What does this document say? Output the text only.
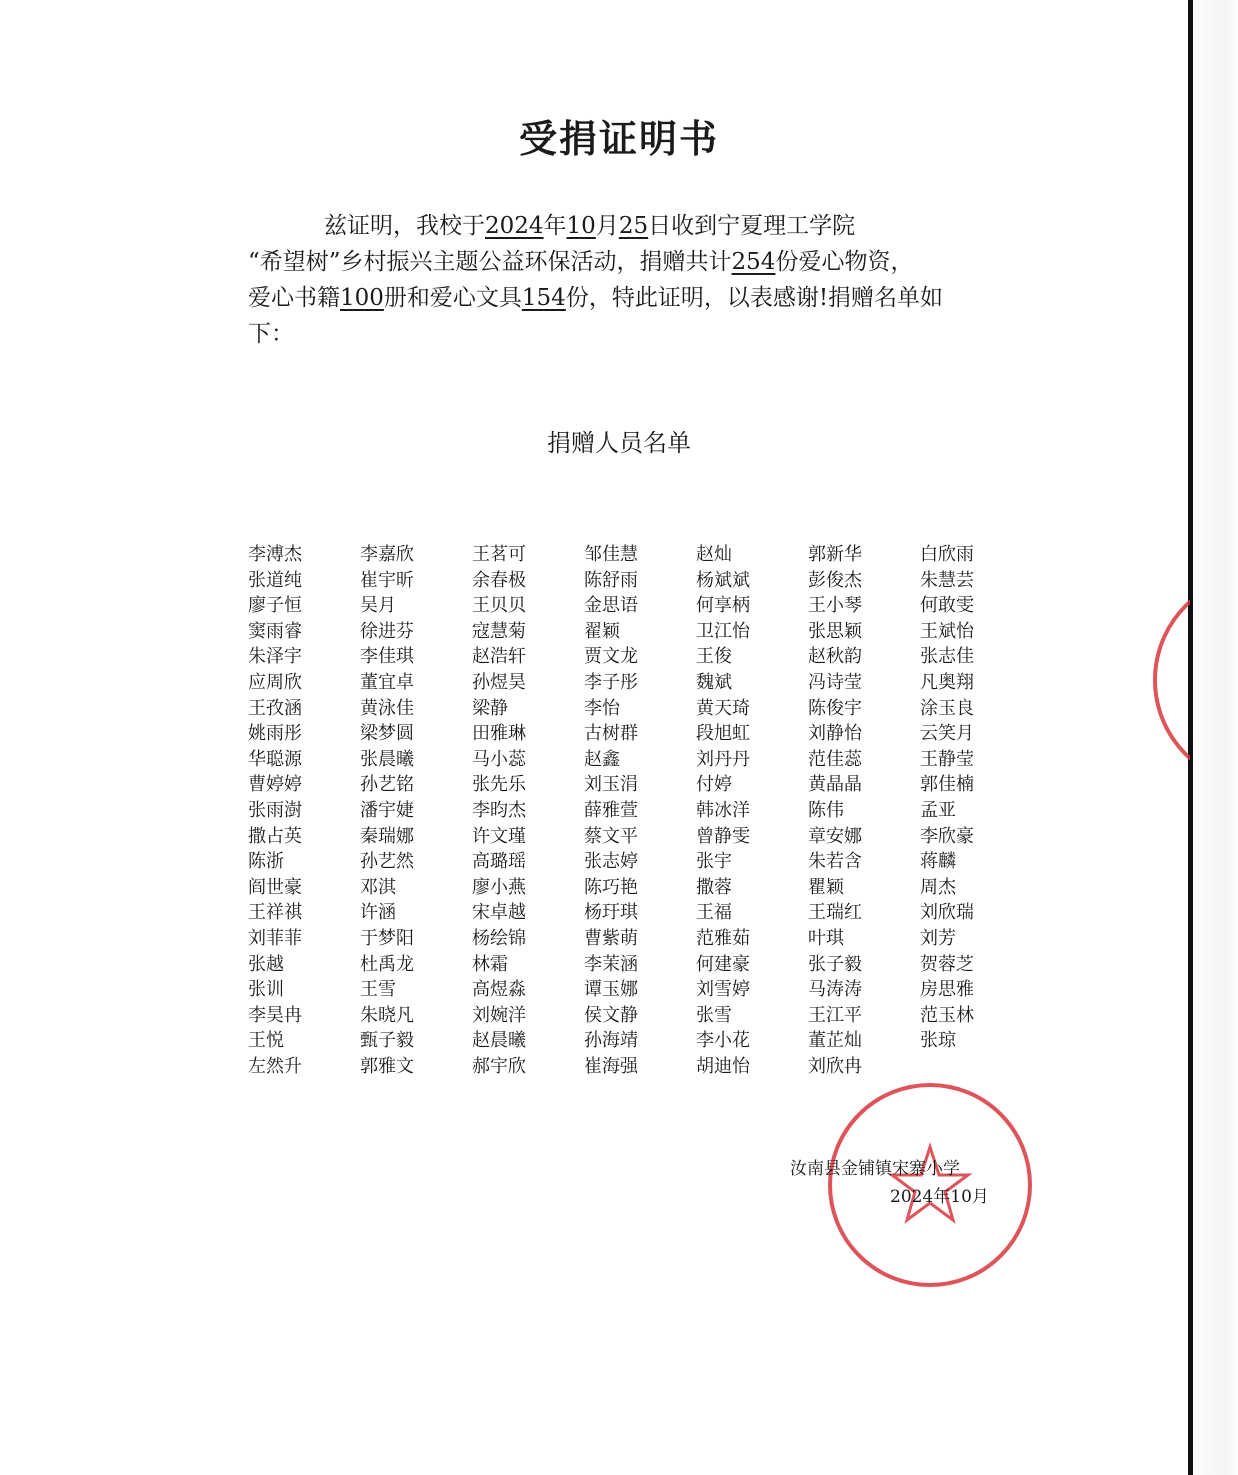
受捐证明书

兹证明，我校于2024年10月25日收到宁夏理工学院

“希望树”乡村振兴主题公益环保活动，捐赠共计254份爱心物资，

爱心书籍100册和爱心文具154份，特此证明，以表感谢!捐赠名单如

下：

捐赠人员名单
李溥杰	李嘉欣	王茗可	邹佳慧	赵灿	郭新华	白欣雨
张道纯	崔宇昕	余春极	陈舒雨	杨斌斌	彭俊杰	朱慧芸
廖子恒	吴月	王贝贝	金思语	何享柄	王小琴	何敢雯
窦雨睿	徐进芬	寇慧菊	翟颖	卫江怡	张思颖	王斌怡
朱泽宇	李佳琪	赵浩轩	贾文龙	王俊	赵秋韵	张志佳
应周欣	董宜卓	孙煜昊	李子彤	魏斌	冯诗莹	凡奥翔
王孜涵	黄泳佳	梁静	李怡	黄天琦	陈俊宇	涂玉良
姚雨彤	梁梦圆	田雅琳	古树群	段旭虹	刘静怡	云笑月
华聪源	张晨曦	马小蕊	赵鑫	刘丹丹	范佳蕊	王静莹
曹婷婷	孙艺铭	张先乐	刘玉涓	付婷	黄晶晶	郭佳楠
张雨澍	潘宇婕	李昀杰	薛雅萱	韩冰洋	陈伟	孟亚
撒占英	秦瑞娜	许文瑾	蔡文平	曾静雯	章安娜	李欣豪
陈浙	孙艺然	高璐瑶	张志婷	张宇	朱若含	蒋麟
阎世豪	邓淇	廖小燕	陈巧艳	撒蓉	瞿颖	周杰
王祥祺	许涵	宋卓越	杨玗琪	王福	王瑞红	刘欣瑞
刘菲菲	于梦阳	杨绘锦	曹紫萌	范雅茹	叶琪	刘芳
张越	杜禹龙	林霜	李茉涵	何建豪	张子毅	贺蓉芝
张训	王雪	高煜淼	谭玉娜	刘雪婷	马涛涛	房思雅
李昊冉	朱晓凡	刘婉洋	侯文静	张雪	王江平	范玉林
王悦	甄子毅	赵晨曦	孙海靖	李小花	董芷灿	张琼
左然升	郭雅文	郝宇欣	崔海强	胡迪怡	刘欣冉
汝南县金铺镇宋寨小学
2024年10月
